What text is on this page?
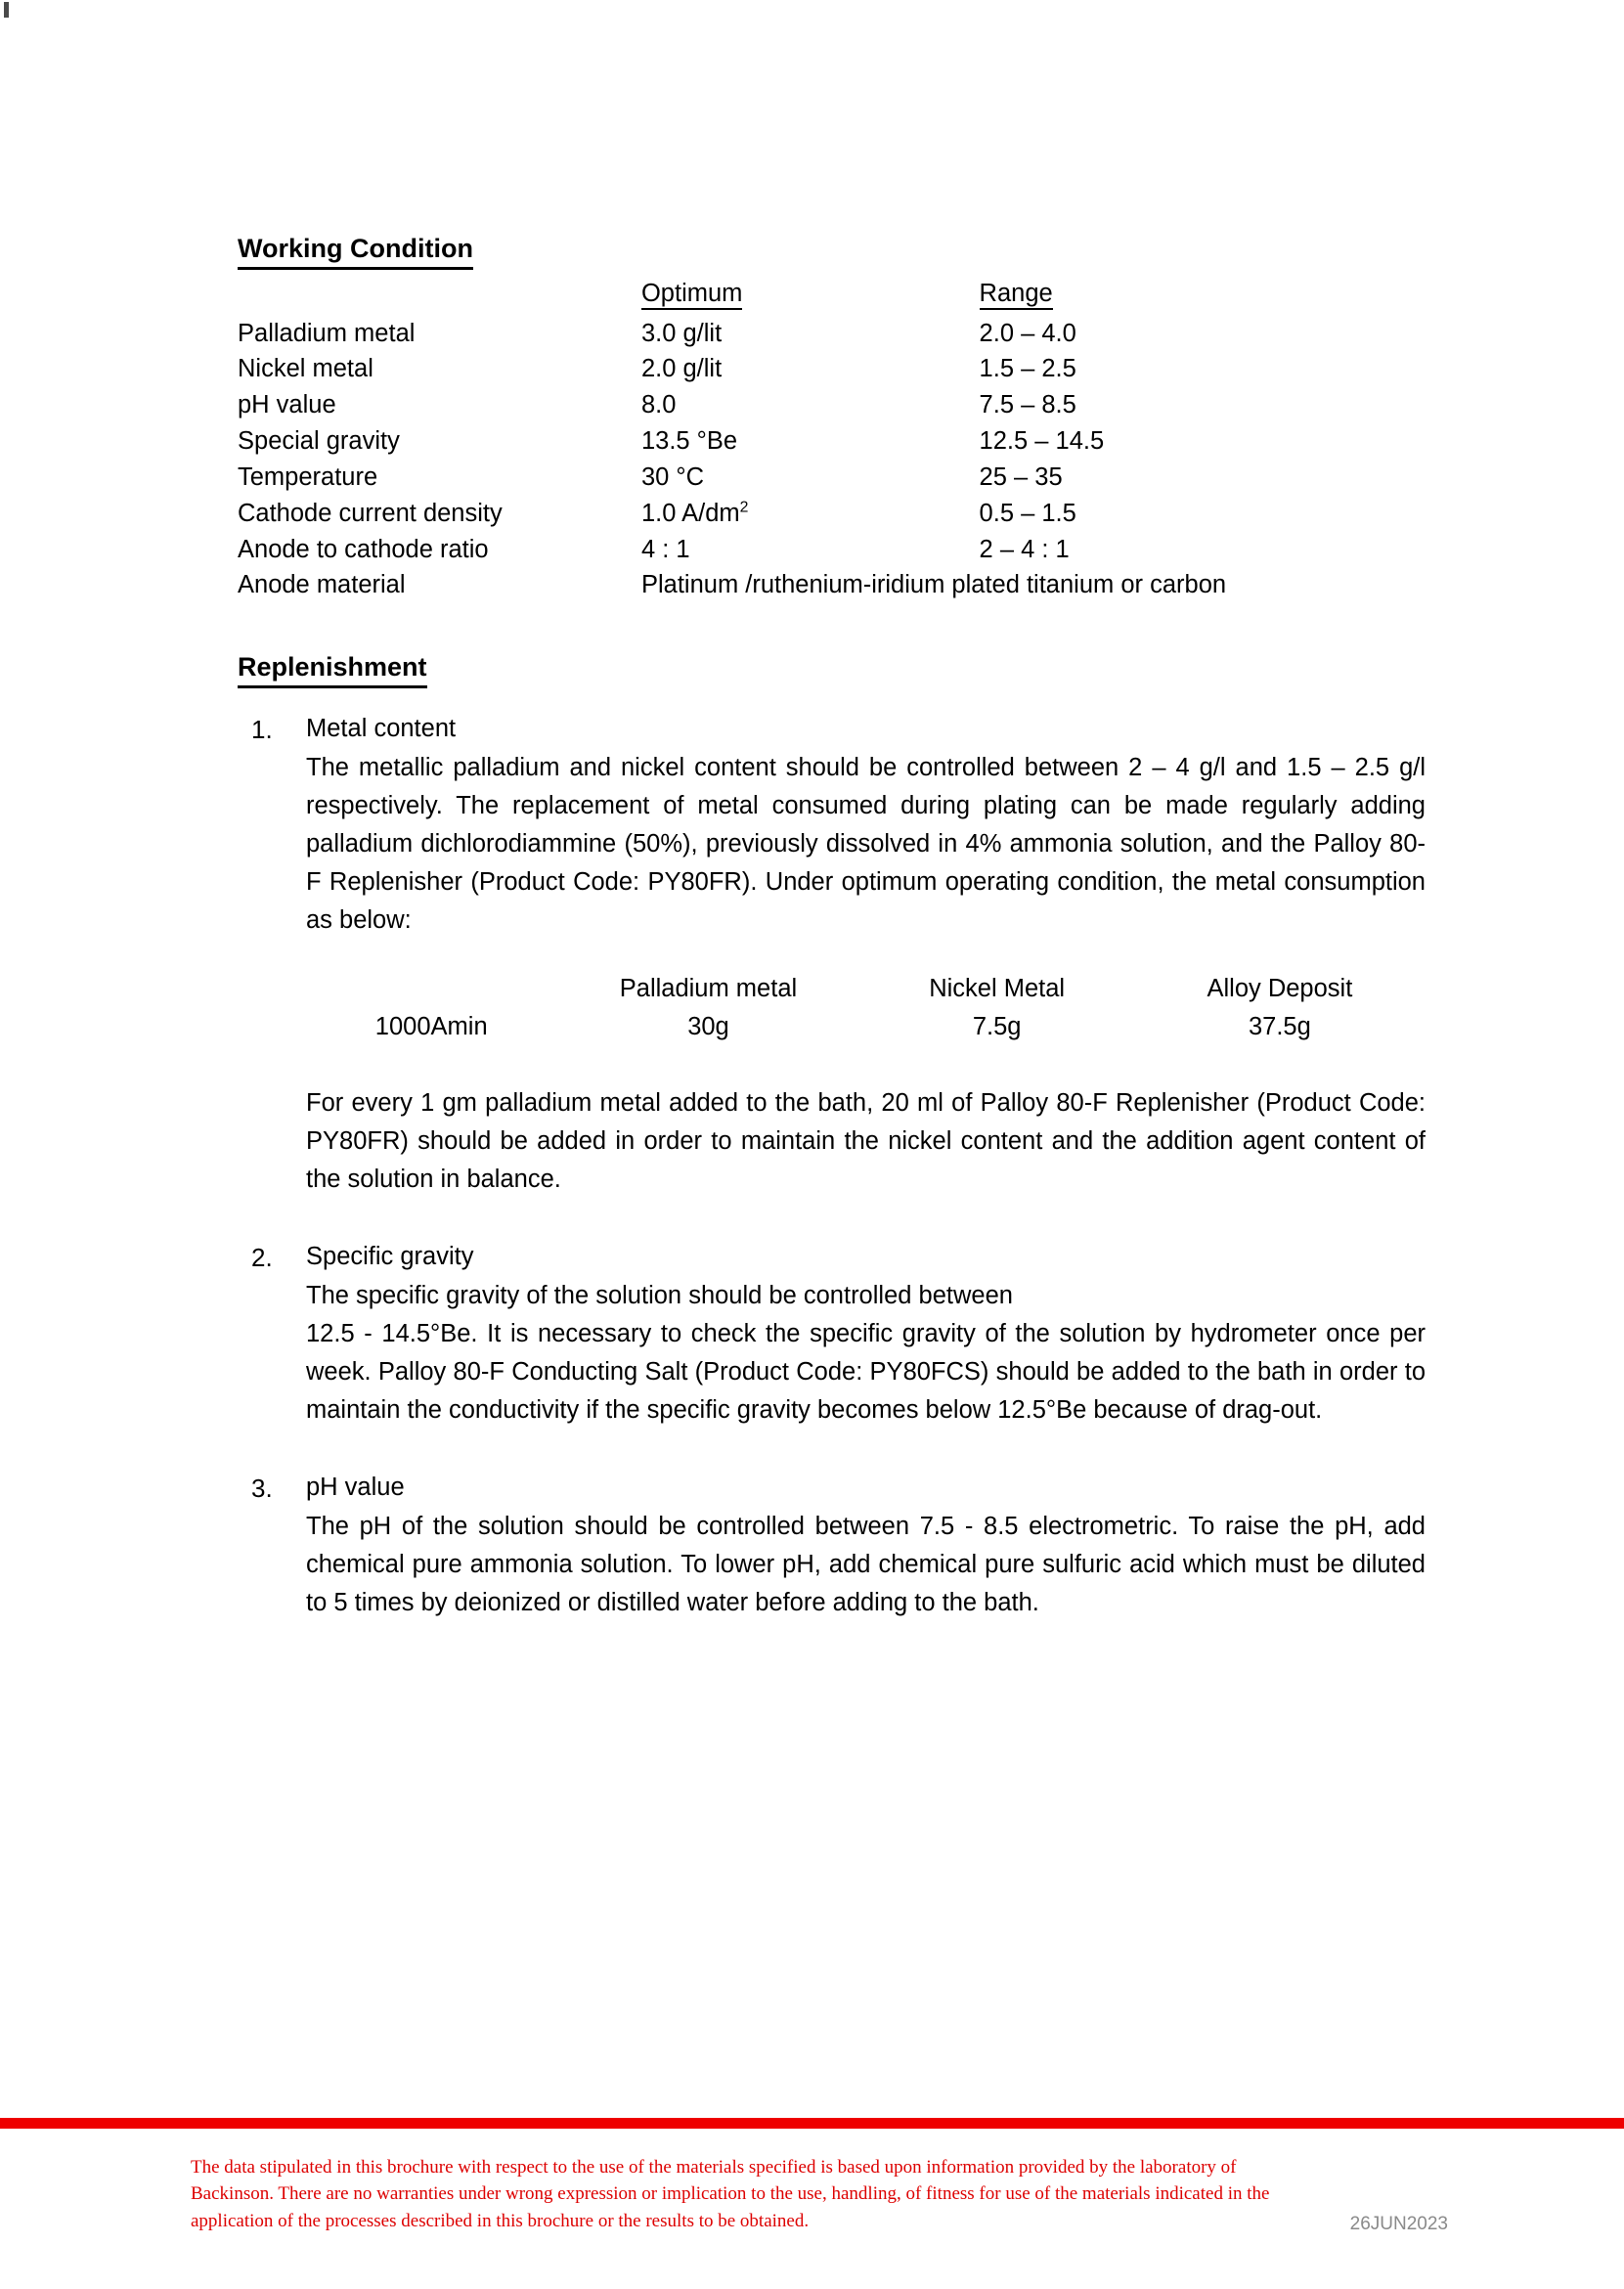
Working Condition
	Optimum	Range
Palladium metal	3.0 g/lit	2.0 – 4.0
Nickel metal	2.0 g/lit	1.5 – 2.5
pH value	8.0	7.5 – 8.5
Special gravity	13.5 °Be	12.5 – 14.5
Temperature	30 °C	25 – 35
Cathode current density	1.0 $A/dm^2$	0.5 – 1.5
Anode to cathode ratio	4 : 1	2 – 4 : 1
Anode material	Platinum /ruthenium-iridium plated titanium or carbon	
Replenishment
Metal content

The metallic palladium and nickel content should be controlled between 2 – 4 g/l and 1.5 – 2.5 g/l respectively. The replacement of metal consumed during plating can be made regularly adding palladium dichlorodiammine (50%), previously dissolved in 4% ammonia solution, and the Palloy 80-F Replenisher (Product Code: PY80FR). Under optimum operating condition, the metal consumption as below:

	Palladium metal	Nickel Metal	Alloy Deposit
1000Amin	30g	7.5g	37.5g

For every 1 gm palladium metal added to the bath, 20 ml of Palloy 80-F Replenisher (Product Code: PY80FR) should be added in order to maintain the nickel content and the addition agent content of the solution in balance.

Specific gravity

The specific gravity of the solution should be controlled between

12.5 - 14.5°Be. It is necessary to check the specific gravity of the solution by hydrometer once per week. Palloy 80-F Conducting Salt (Product Code: PY80FCS) should be added to the bath in order to maintain the conductivity if the specific gravity becomes below 12.5°Be because of drag-out.

pH value

The pH of the solution should be controlled between 7.5 - 8.5 electrometric. To raise the pH, add chemical pure ammonia solution. To lower pH, add chemical pure sulfuric acid which must be diluted to 5 times by deionized or distilled water before adding to the bath.

The data stipulated in this brochure with respect to the use of the materials specified is based upon information provided by the laboratory of

Backinson. There are no warranties under wrong expression or implication to the use, handling, of fitness for use of the materials indicated in the

application of the processes described in this brochure or the results to be obtained.	26JUN2023
